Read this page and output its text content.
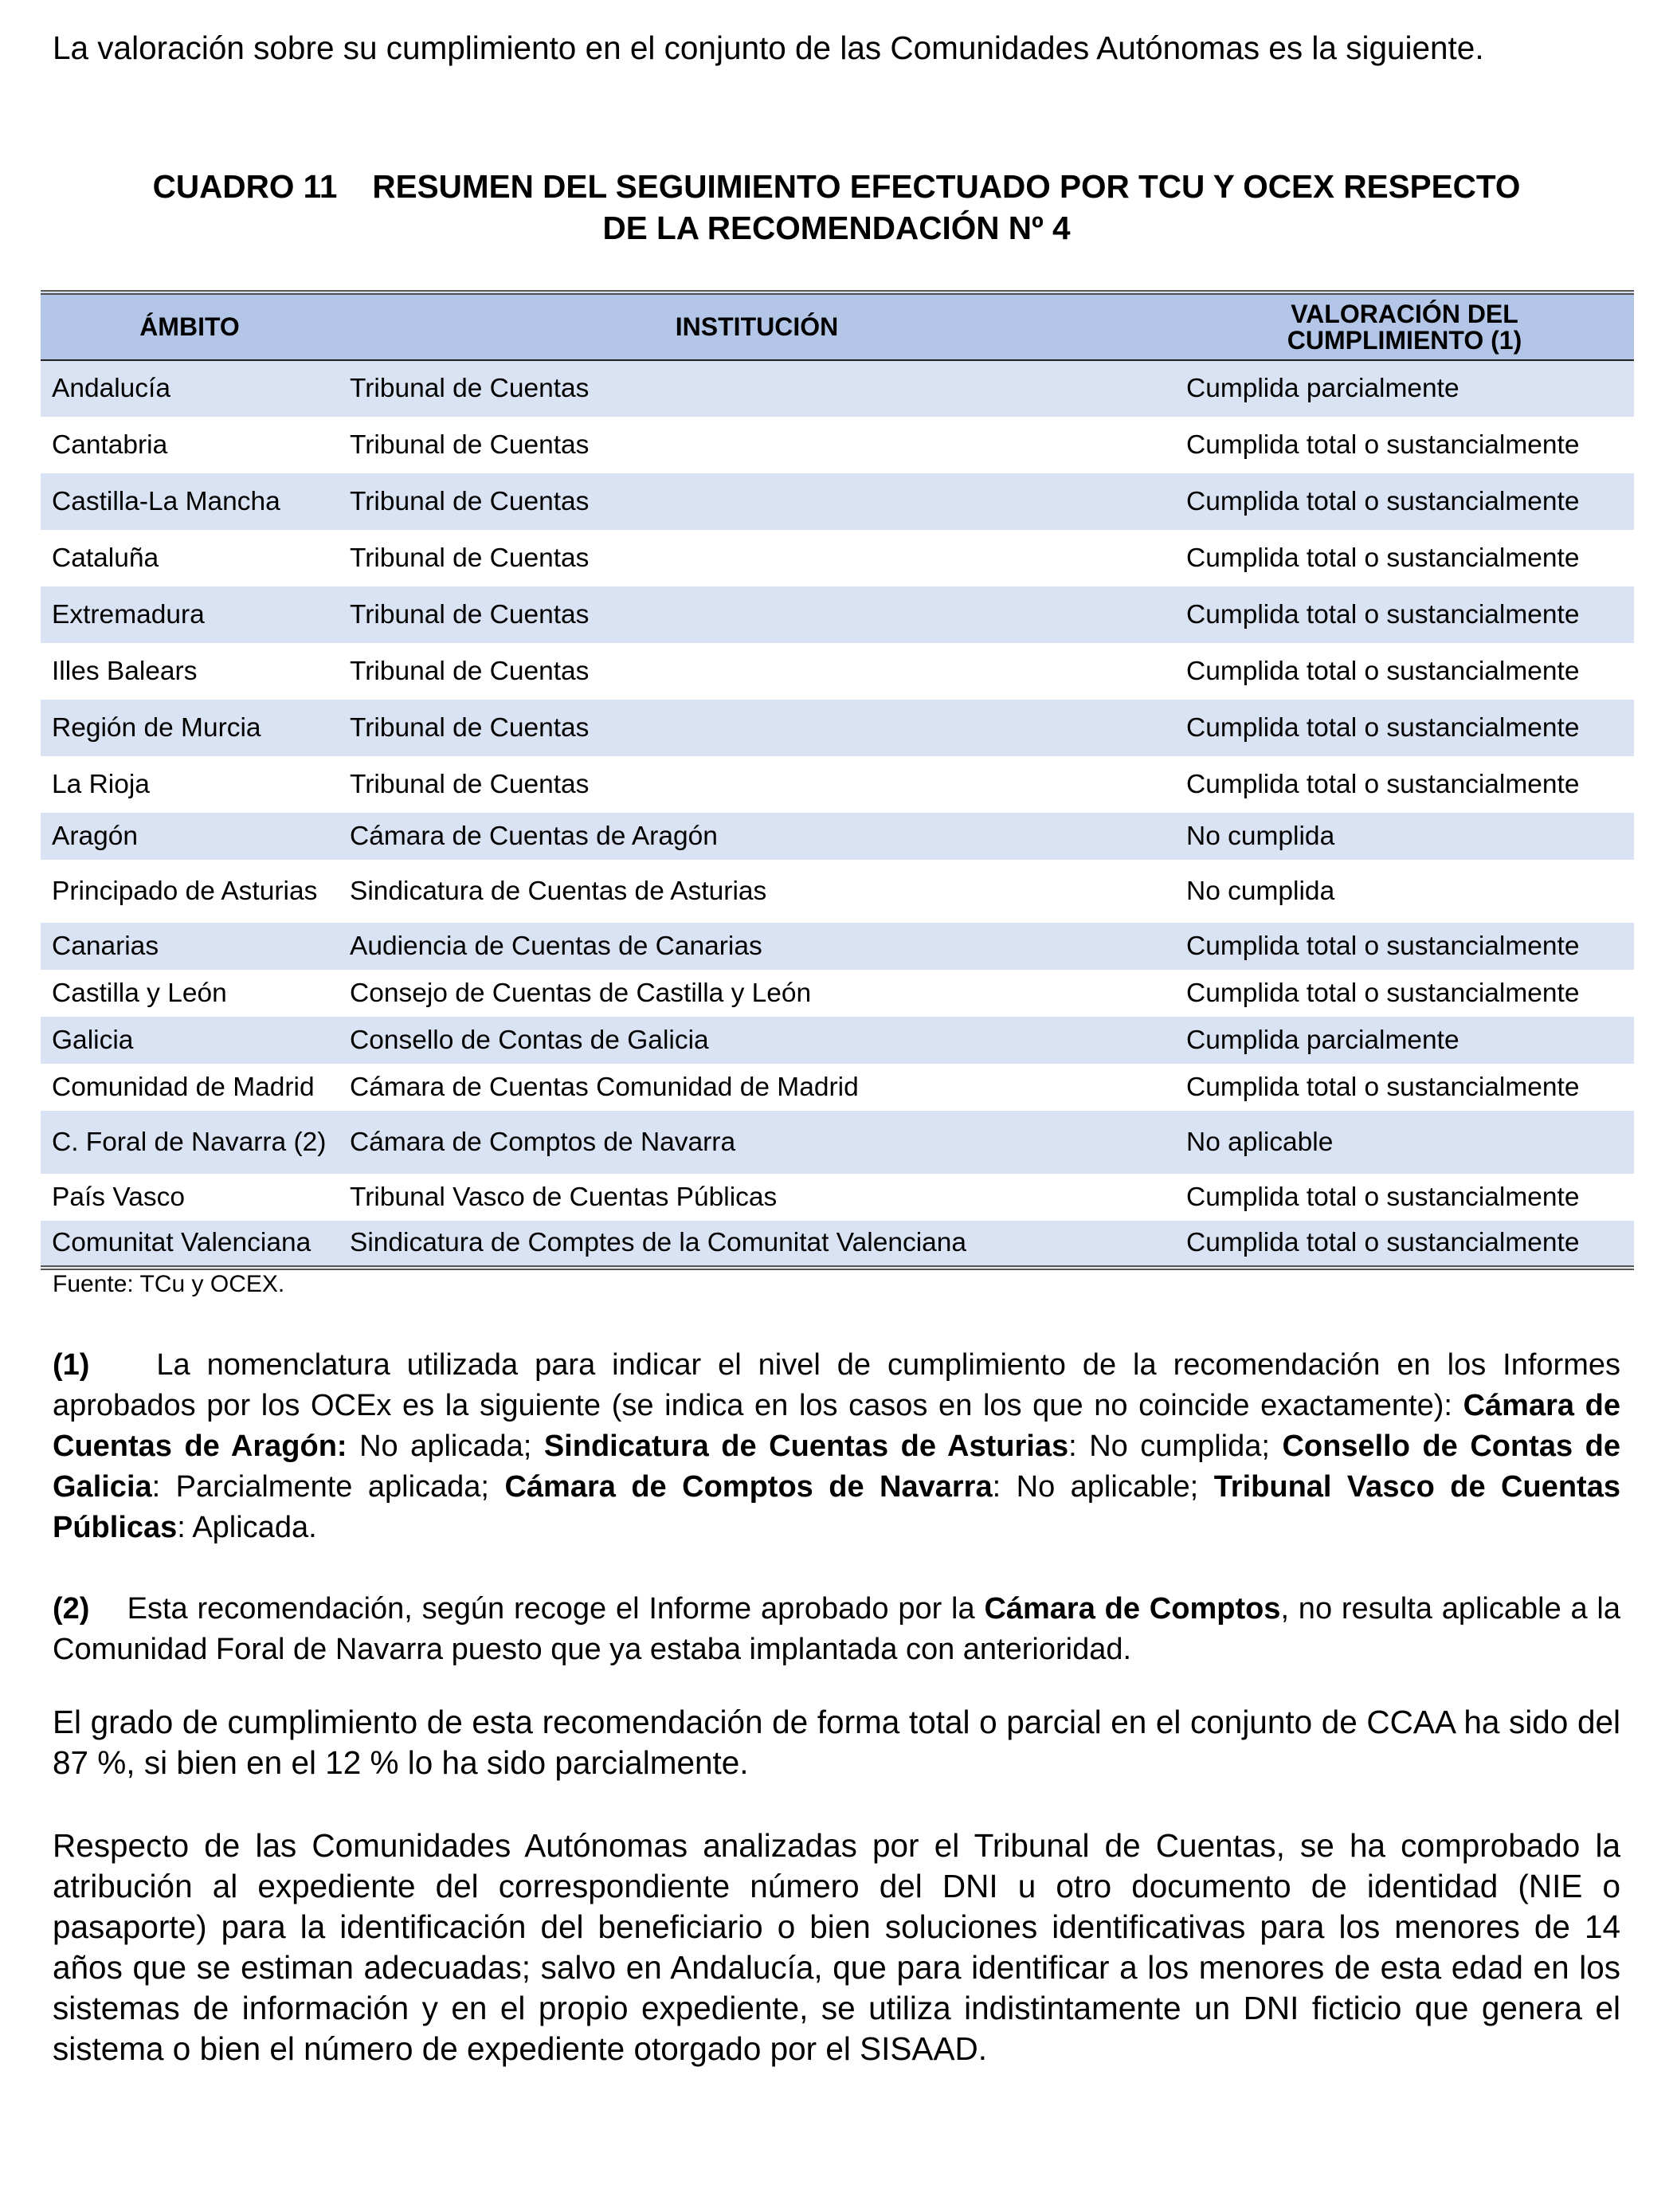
La valoración sobre su cumplimiento en el conjunto de las Comunidades Autónomas es la siguiente.

CUADRO 11 RESUMEN DEL SEGUIMIENTO EFECTUADO POR TCU Y OCEX RESPECTO
DE LA RECOMENDACIÓN Nº 4
ÁMBITO	INSTITUCIÓN	VALORACIÓN DEL
CUMPLIMIENTO (1)

Andalucía	Tribunal de Cuentas	Cumplida parcialmente
Cantabria	Tribunal de Cuentas	Cumplida total o sustancialmente
Castilla-La Mancha	Tribunal de Cuentas	Cumplida total o sustancialmente
Cataluña	Tribunal de Cuentas	Cumplida total o sustancialmente
Extremadura	Tribunal de Cuentas	Cumplida total o sustancialmente
Illes Balears	Tribunal de Cuentas	Cumplida total o sustancialmente
Región de Murcia	Tribunal de Cuentas	Cumplida total o sustancialmente
La Rioja	Tribunal de Cuentas	Cumplida total o sustancialmente
Aragón	Cámara de Cuentas de Aragón	No cumplida
Principado de Asturias	Sindicatura de Cuentas de Asturias	No cumplida
Canarias	Audiencia de Cuentas de Canarias	Cumplida total o sustancialmente
Castilla y León	Consejo de Cuentas de Castilla y León	Cumplida total o sustancialmente
Galicia	Consello de Contas de Galicia	Cumplida parcialmente
Comunidad de Madrid	Cámara de Cuentas Comunidad de Madrid	Cumplida total o sustancialmente
C. Foral de Navarra (2)	Cámara de Comptos de Navarra	No aplicable
País Vasco	Tribunal Vasco de Cuentas Públicas	Cumplida total o sustancialmente
Comunitat Valenciana	Sindicatura de Comptes de la Comunitat Valenciana	Cumplida total o sustancialmente

Fuente: TCu y OCEX.

(1) La nomenclatura utilizada para indicar el nivel de cumplimiento de la recomendación en los Informes aprobados por los OCEx es la siguiente (se indica en los casos en los que no coincide exactamente): Cámara de Cuentas de Aragón: No aplicada; Sindicatura de Cuentas de Asturias: No cumplida; Consello de Contas de Galicia: Parcialmente aplicada; Cámara de Comptos de Navarra: No aplicable; Tribunal Vasco de Cuentas Públicas: Aplicada.

(2) Esta recomendación, según recoge el Informe aprobado por la Cámara de Comptos, no resulta aplicable a la Comunidad Foral de Navarra puesto que ya estaba implantada con anterioridad.

El grado de cumplimiento de esta recomendación de forma total o parcial en el conjunto de CCAA ha sido del 87 %, si bien en el 12 % lo ha sido parcialmente.

Respecto de las Comunidades Autónomas analizadas por el Tribunal de Cuentas, se ha comprobado la atribución al expediente del correspondiente número del DNI u otro documento de identidad (NIE o pasaporte) para la identificación del beneficiario o bien soluciones identificativas para los menores de 14 años que se estiman adecuadas; salvo en Andalucía, que para identificar a los menores de esta edad en los sistemas de información y en el propio expediente, se utiliza indistintamente un DNI ficticio que genera el sistema o bien el número de expediente otorgado por el SISAAD.
